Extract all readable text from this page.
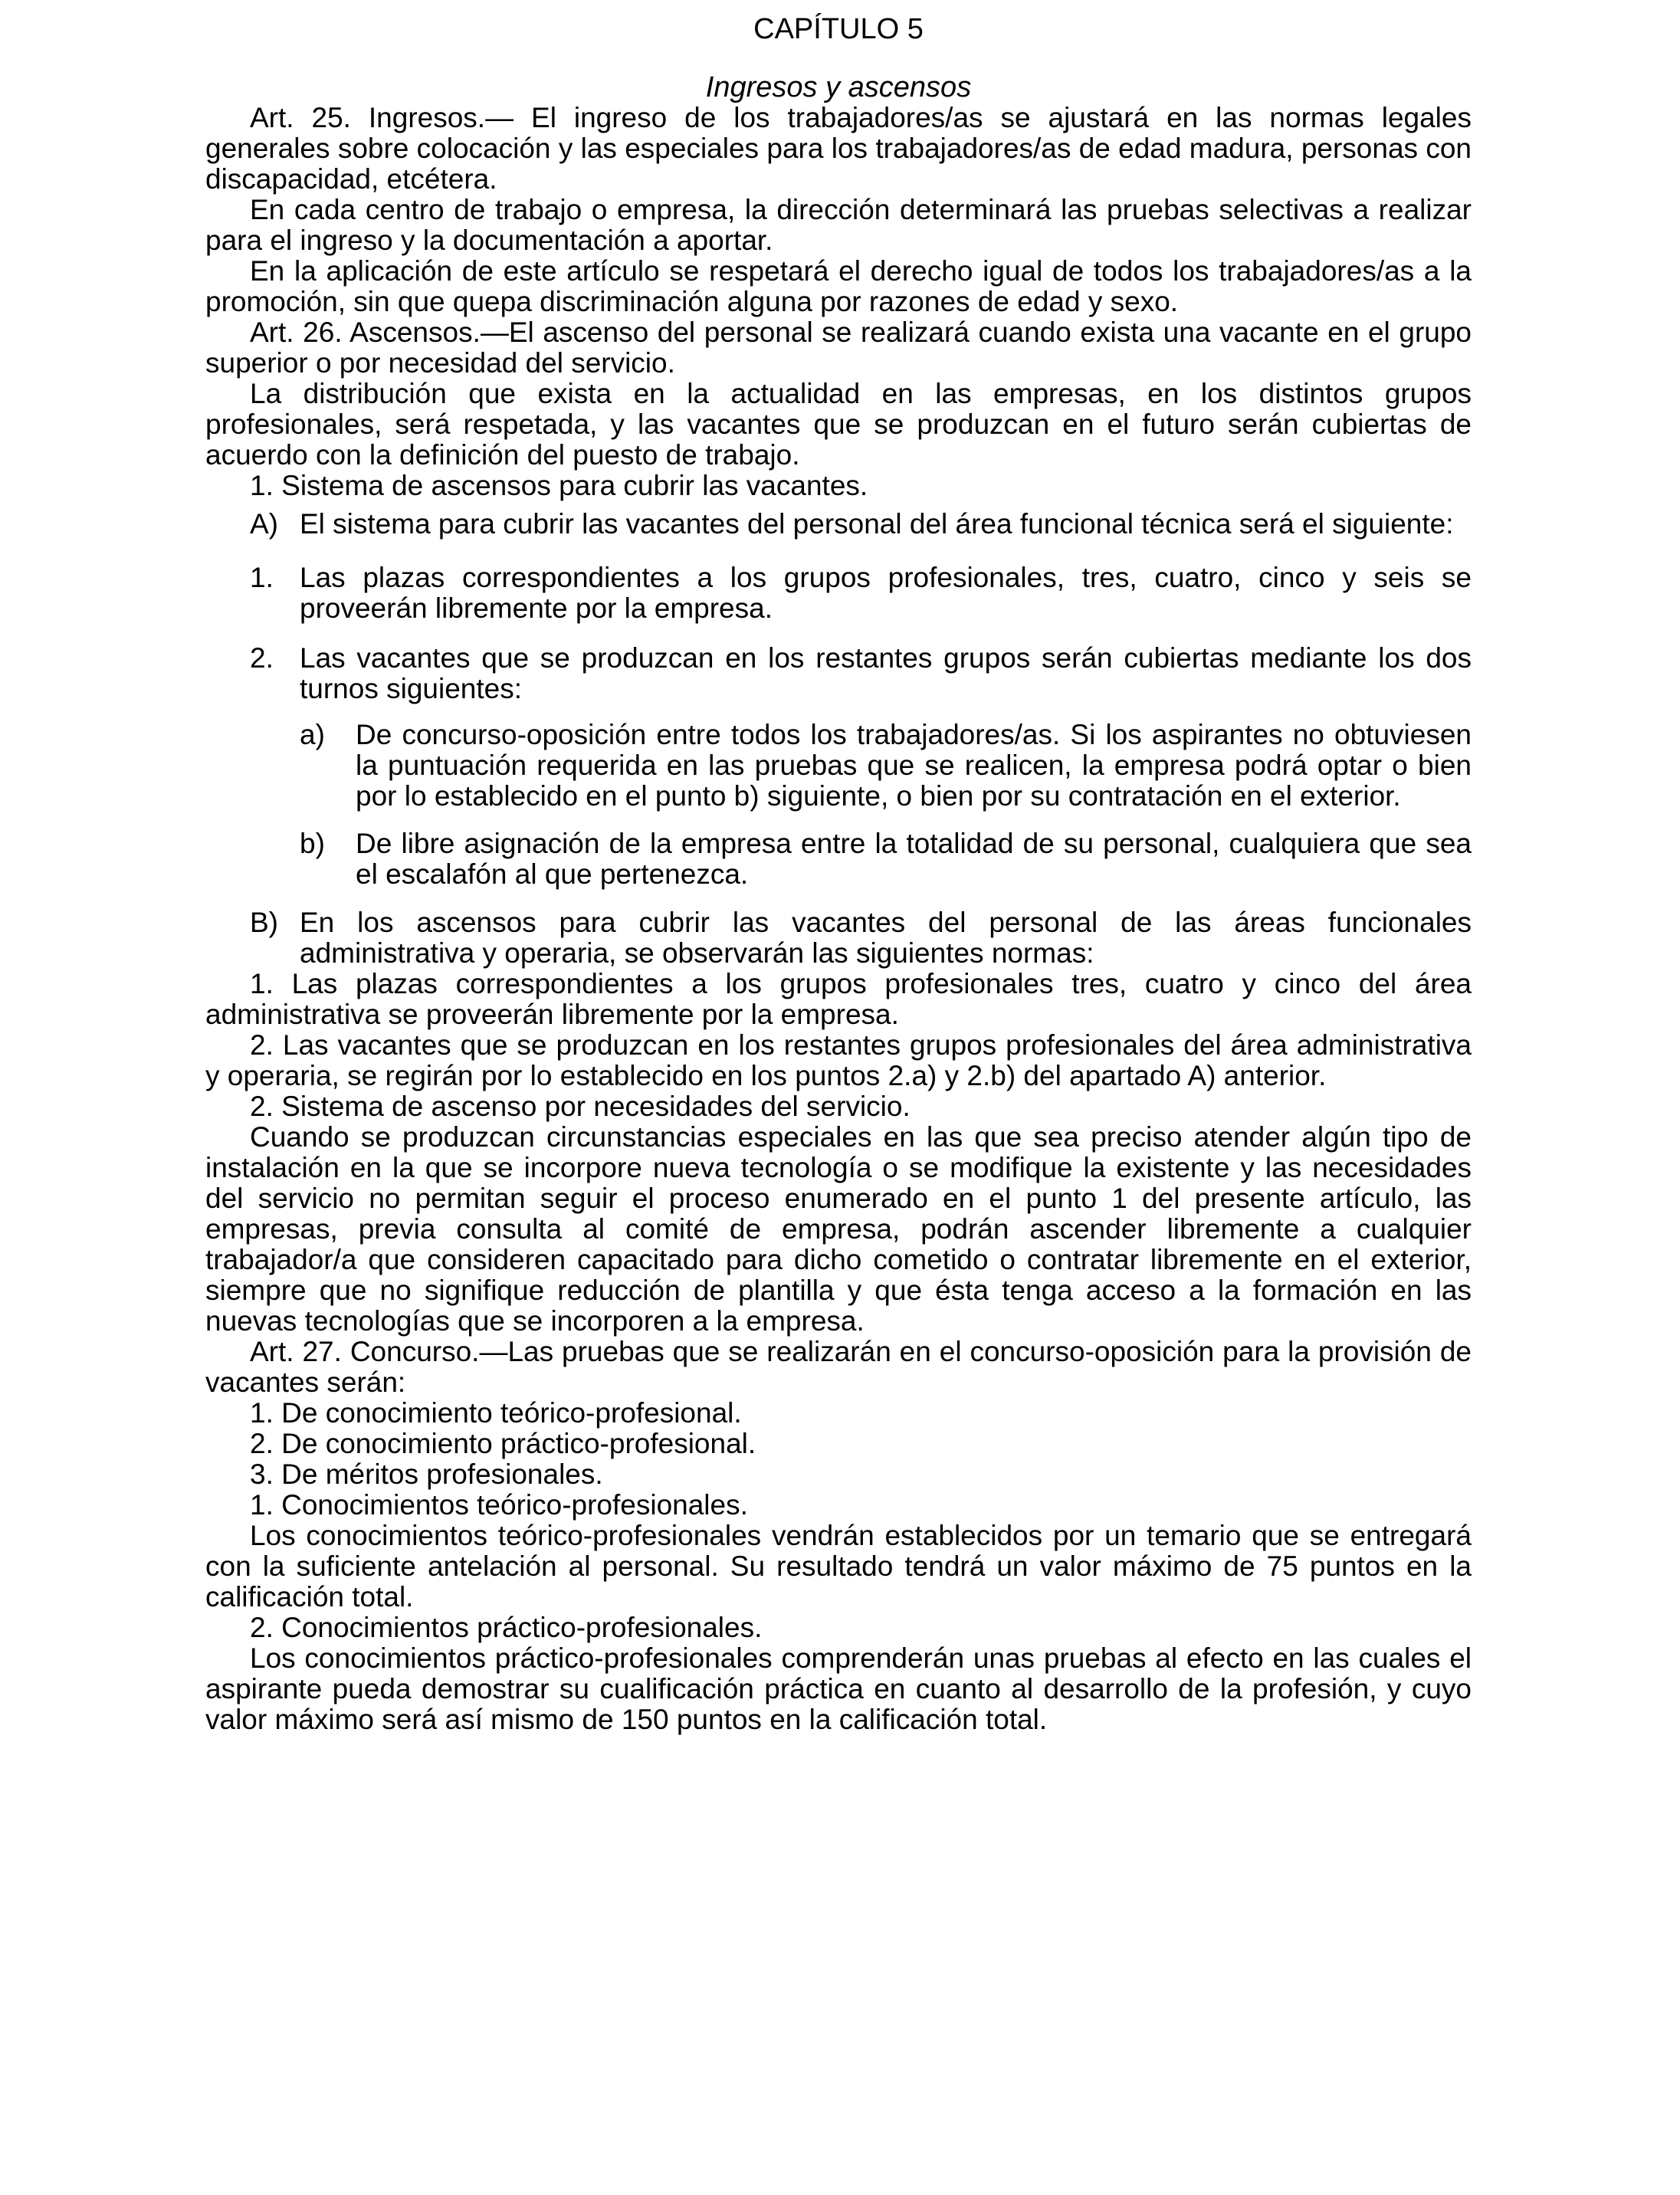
CAPÍTULO 5
Ingresos y ascensos

Art. 25. Ingresos.— El ingreso de los trabajadores/as se ajustará en las normas legales generales sobre colocación y las especiales para los trabajadores/as de edad madura, personas con discapacidad, etcétera.

En cada centro de trabajo o empresa, la dirección determinará las pruebas selectivas a realizar para el ingreso y la documentación a aportar.

En la aplicación de este artículo se respetará el derecho igual de todos los trabajadores/as a la promoción, sin que quepa discriminación alguna por razones de edad y sexo.

Art. 26. Ascensos.—El ascenso del personal se realizará cuando exista una vacante en el grupo superior o por necesidad del servicio.

La distribución que exista en la actualidad en las empresas, en los distintos grupos profesionales, será respetada, y las vacantes que se produzcan en el futuro serán cubiertas de acuerdo con la definición del puesto de trabajo.

1. Sistema de ascensos para cubrir las vacantes.

A) El sistema para cubrir las vacantes del personal del área funcional técnica será el siguiente:
1. Las plazas correspondientes a los grupos profesionales, tres, cuatro, cinco y seis se proveerán libremente por la empresa.
2. Las vacantes que se produzcan en los restantes grupos serán cubiertas mediante los dos turnos siguientes:
a) De concurso-oposición entre todos los trabajadores/as. Si los aspirantes no obtuviesen la puntuación requerida en las pruebas que se realicen, la empresa podrá optar o bien por lo establecido en el punto b) siguiente, o bien por su contratación en el exterior.
b) De libre asignación de la empresa entre la totalidad de su personal, cualquiera que sea el escalafón al que pertenezca.
B) En los ascensos para cubrir las vacantes del personal de las áreas funcionales administrativa y operaria, se observarán las siguientes normas:

1. Las plazas correspondientes a los grupos profesionales tres, cuatro y cinco del área administrativa se proveerán libremente por la empresa.

2. Las vacantes que se produzcan en los restantes grupos profesionales del área administrativa y operaria, se regirán por lo establecido en los puntos 2.a) y 2.b) del apartado A) anterior.

2. Sistema de ascenso por necesidades del servicio.

Cuando se produzcan circunstancias especiales en las que sea preciso atender algún tipo de instalación en la que se incorpore nueva tecnología o se modifique la existente y las necesidades del servicio no permitan seguir el proceso enumerado en el punto 1 del presente artículo, las empresas, previa consulta al comité de empresa, podrán ascender libremente a cualquier trabajador/a que consideren capacitado para dicho cometido o contratar libremente en el exterior, siempre que no signifique reducción de plantilla y que ésta tenga acceso a la formación en las nuevas tecnologías que se incorporen a la empresa.

Art. 27. Concurso.—Las pruebas que se realizarán en el concurso-oposición para la provisión de vacantes serán:

1. De conocimiento teórico-profesional.

2. De conocimiento práctico-profesional.

3. De méritos profesionales.

1. Conocimientos teórico-profesionales.

Los conocimientos teórico-profesionales vendrán establecidos por un temario que se entregará con la suficiente antelación al personal. Su resultado tendrá un valor máximo de 75 puntos en la calificación total.

2. Conocimientos práctico-profesionales.

Los conocimientos práctico-profesionales comprenderán unas pruebas al efecto en las cuales el aspirante pueda demostrar su cualificación práctica en cuanto al desarrollo de la profesión, y cuyo valor máximo será así mismo de 150 puntos en la calificación total.
